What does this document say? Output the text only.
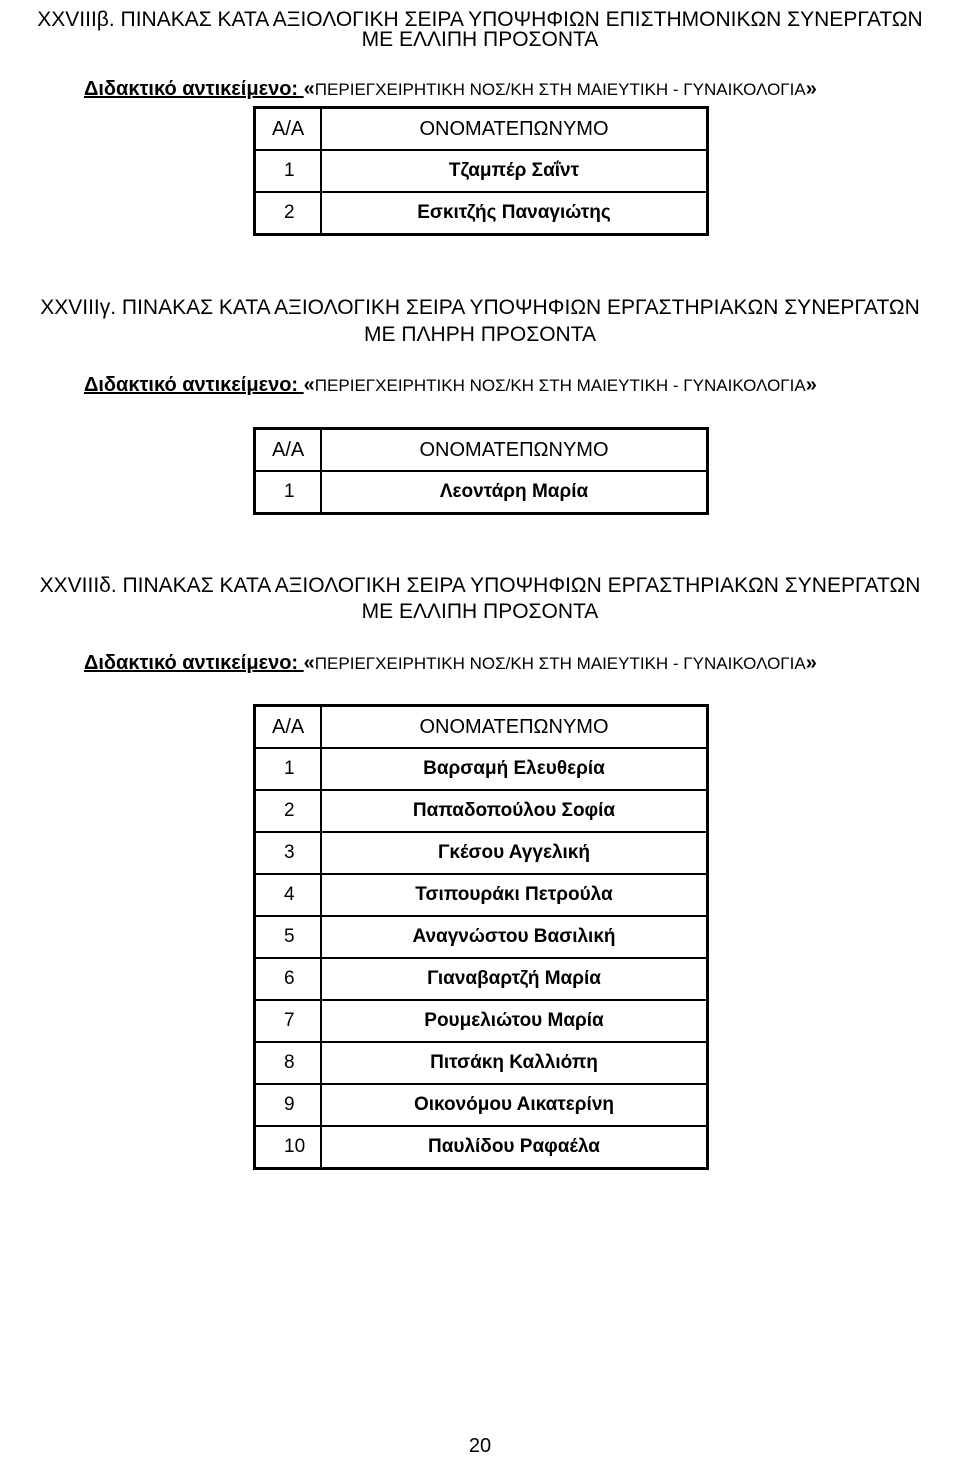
XXVIIIβ. ΠΙΝΑΚΑΣ ΚΑΤΑ ΑΞΙΟΛΟΓΙΚΗ ΣΕΙΡΑ ΥΠΟΨΗΦΙΩΝ ΕΠΙΣΤΗΜΟΝΙΚΩΝ ΣΥΝΕΡΓΑΤΩΝ

ΜΕ ΕΛΛΙΠΗ ΠΡΟΣΟΝΤΑ

Διδακτικό αντικείμενο: «ΠΕΡΙΕΓΧΕΙΡΗΤΙΚΗ ΝΟΣ/ΚΗ ΣΤΗ ΜΑΙΕΥΤΙΚΗ - ΓΥΝΑΙΚΟΛΟΓΙΑ»
Α/Α	ΟΝΟΜΑΤΕΠΩΝΥΜΟ
1	Τζαμπέρ Σαΐντ
2	Εσκιτζής Παναγιώτης

XXVIIIγ. ΠΙΝΑΚΑΣ ΚΑΤΑ ΑΞΙΟΛΟΓΙΚΗ ΣΕΙΡΑ ΥΠΟΨΗΦΙΩΝ ΕΡΓΑΣΤΗΡΙΑΚΩΝ ΣΥΝΕΡΓΑΤΩΝ

ΜΕ ΠΛΗΡΗ ΠΡΟΣΟΝΤΑ

Διδακτικό αντικείμενο: «ΠΕΡΙΕΓΧΕΙΡΗΤΙΚΗ ΝΟΣ/ΚΗ ΣΤΗ ΜΑΙΕΥΤΙΚΗ - ΓΥΝΑΙΚΟΛΟΓΙΑ»
Α/Α	ΟΝΟΜΑΤΕΠΩΝΥΜΟ
1	Λεοντάρη Μαρία

XXVIIIδ. ΠΙΝΑΚΑΣ ΚΑΤΑ ΑΞΙΟΛΟΓΙΚΗ ΣΕΙΡΑ ΥΠΟΨΗΦΙΩΝ ΕΡΓΑΣΤΗΡΙΑΚΩΝ ΣΥΝΕΡΓΑΤΩΝ

ΜΕ ΕΛΛΙΠΗ ΠΡΟΣΟΝΤΑ

Διδακτικό αντικείμενο: «ΠΕΡΙΕΓΧΕΙΡΗΤΙΚΗ ΝΟΣ/ΚΗ ΣΤΗ ΜΑΙΕΥΤΙΚΗ - ΓΥΝΑΙΚΟΛΟΓΙΑ»
Α/Α	ΟΝΟΜΑΤΕΠΩΝΥΜΟ
1	Βαρσαμή Ελευθερία
2	Παπαδοπούλου Σοφία
3	Γκέσου Αγγελική
4	Τσιπουράκι Πετρούλα
5	Αναγνώστου Βασιλική
6	Γιαναβαρτζή Μαρία
7	Ρουμελιώτου Μαρία
8	Πιτσάκη Καλλιόπη
9	Οικονόμου Αικατερίνη
10	Παυλίδου Ραφαέλα
20
